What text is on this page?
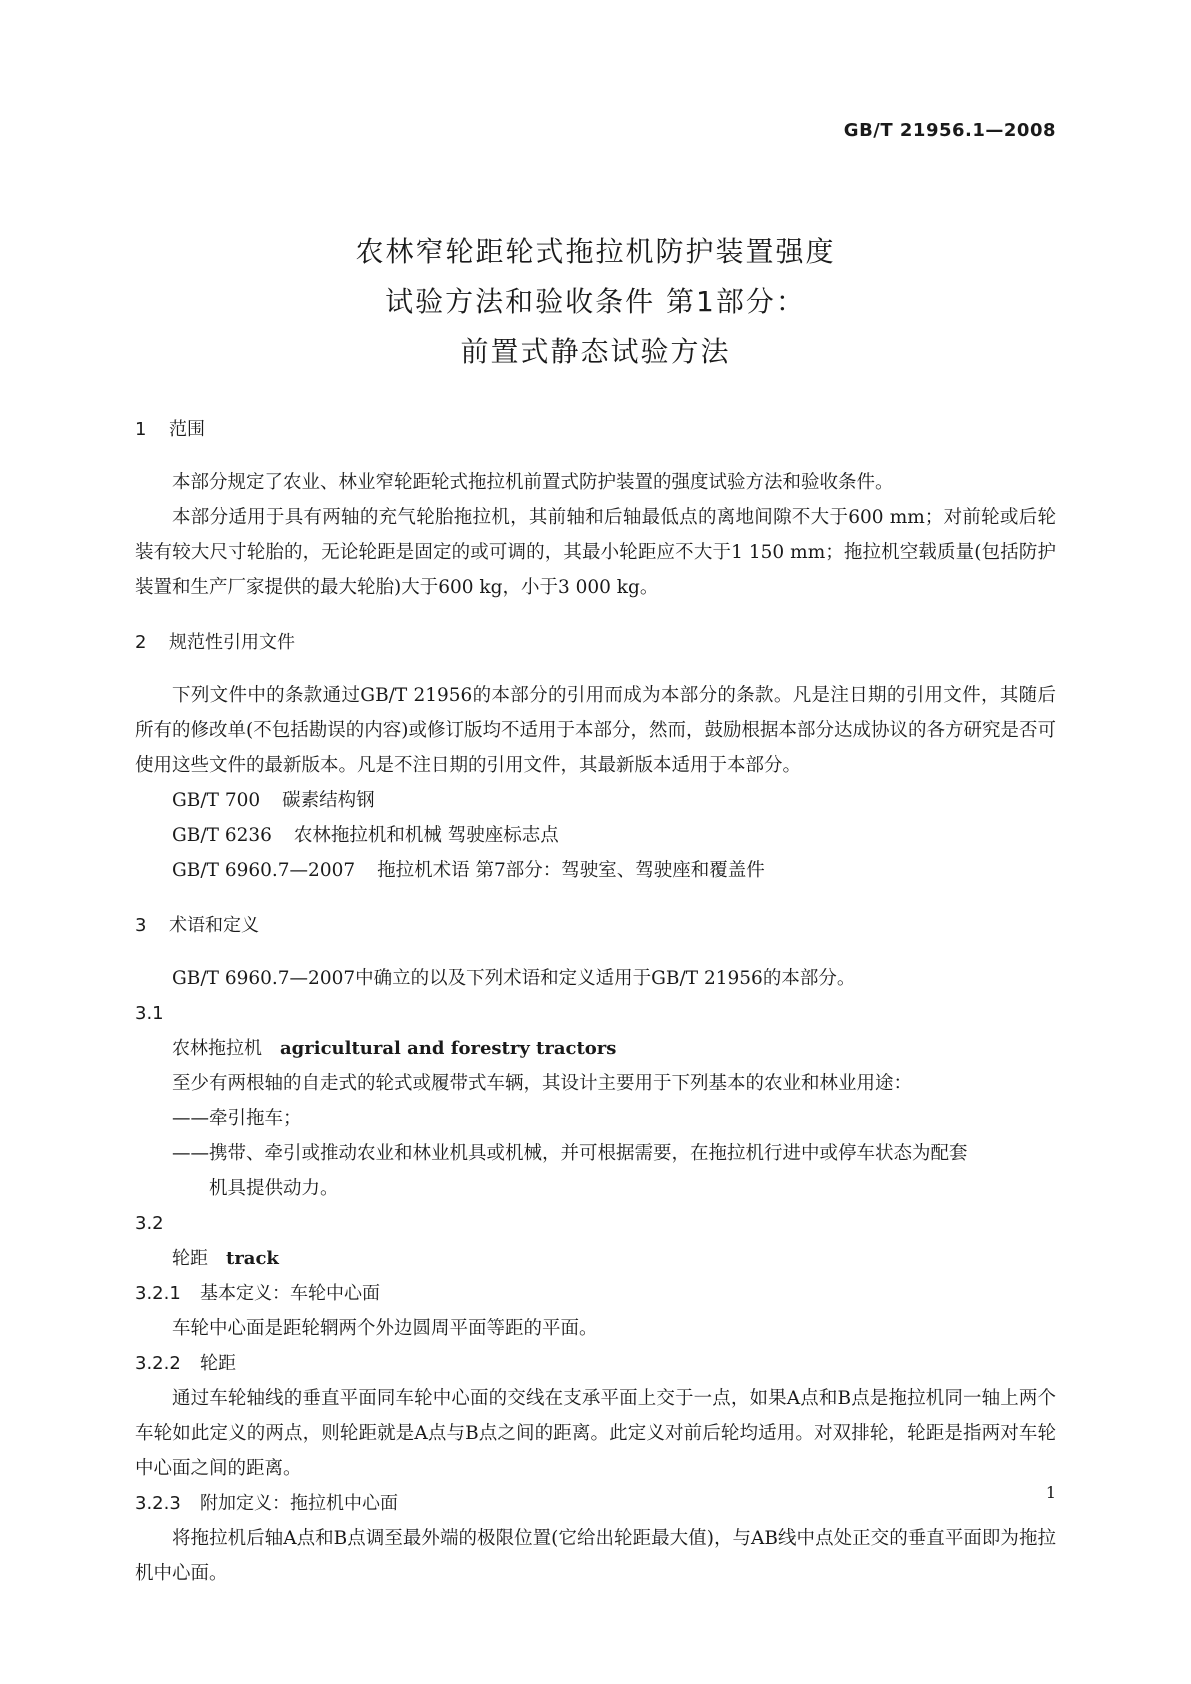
GB/T 21956.1—2008
农林窄轮距轮式拖拉机防护装置强度
试验方法和验收条件 第1部分：
前置式静态试验方法
1 范围

本部分规定了农业、林业窄轮距轮式拖拉机前置式防护装置的强度试验方法和验收条件。

本部分适用于具有两轴的充气轮胎拖拉机，其前轴和后轴最低点的离地间隙不大于600 mm；对前轮或后轮装有较大尺寸轮胎的，无论轮距是固定的或可调的，其最小轮距应不大于1 150 mm；拖拉机空载质量(包括防护装置和生产厂家提供的最大轮胎)大于600 kg，小于3 000 kg。

2 规范性引用文件

下列文件中的条款通过GB/T 21956的本部分的引用而成为本部分的条款。凡是注日期的引用文件，其随后所有的修改单(不包括勘误的内容)或修订版均不适用于本部分，然而，鼓励根据本部分达成协议的各方研究是否可使用这些文件的最新版本。凡是不注日期的引用文件，其最新版本适用于本部分。

GB/T 700 碳素结构钢

GB/T 6236 农林拖拉机和机械 驾驶座标志点

GB/T 6960.7—2007 拖拉机术语 第7部分：驾驶室、驾驶座和覆盖件

3 术语和定义

GB/T 6960.7—2007中确立的以及下列术语和定义适用于GB/T 21956的本部分。

3.1
农林拖拉机 agricultural and forestry tractors

至少有两根轴的自走式的轮式或履带式车辆，其设计主要用于下列基本的农业和林业用途：

——牵引拖车；

——携带、牵引或推动农业和林业机具或机械，并可根据需要，在拖拉机行进中或停车状态为配套

机具提供动力。

3.2
轮距 track
3.2.1 基本定义：车轮中心面

车轮中心面是距轮辋两个外边圆周平面等距的平面。

3.2.2 轮距

通过车轮轴线的垂直平面同车轮中心面的交线在支承平面上交于一点，如果A点和B点是拖拉机同一轴上两个车轮如此定义的两点，则轮距就是A点与B点之间的距离。此定义对前后轮均适用。对双排轮，轮距是指两对车轮中心面之间的距离。

3.2.3 附加定义：拖拉机中心面

将拖拉机后轴A点和B点调至最外端的极限位置(它给出轮距最大值)，与AB线中点处正交的垂直平面即为拖拉机中心面。

1
